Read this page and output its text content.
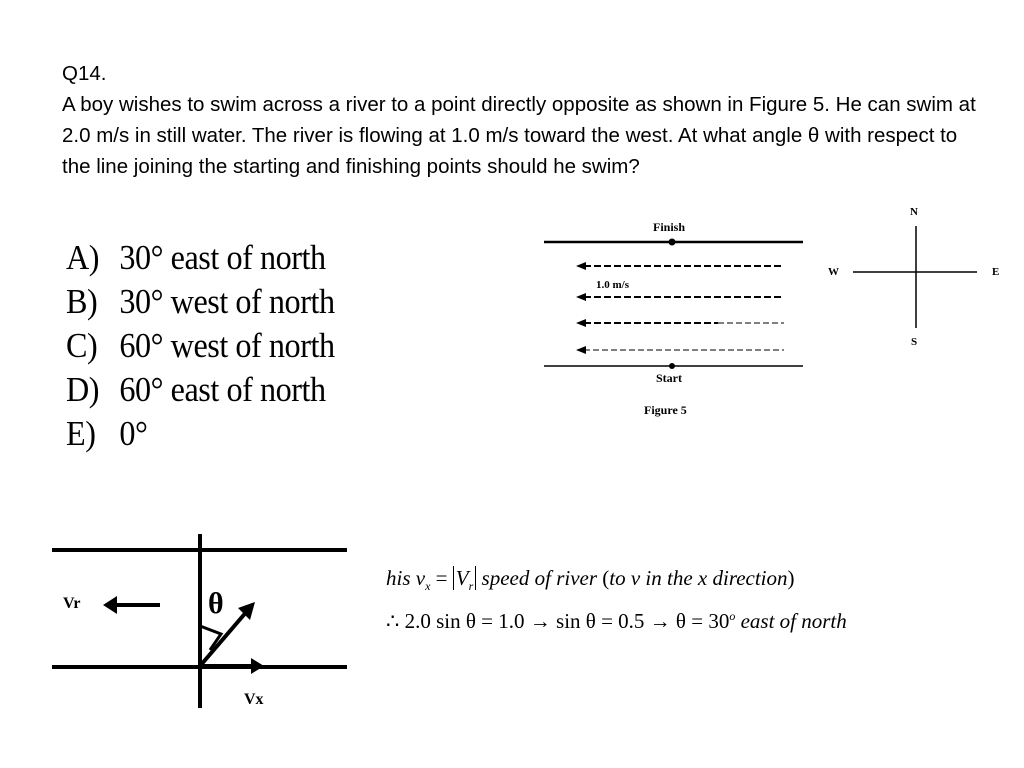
Q14.

A boy wishes to swim across a river to a point directly opposite as shown in Figure 5. He can swim at 2.0 m/s in still water. The river is flowing at 1.0 m/s toward the west. At what angle θ with respect to the line joining the starting and finishing points should he swim?

A) 30° east of north
B) 30° west of north
C) 60° west of north
D) 60° east of north
E) 0°
Finish
Start
Figure 5
1.0 m/s
N
S
W	E
Vr
Vx
θ
his $v_x = V_r$ speed of river (to v in the x direction)
∴ 2.0 $\sin \theta = 1.0 \to \sin \theta = 0.5 \to \theta = 30^o$ east of north
